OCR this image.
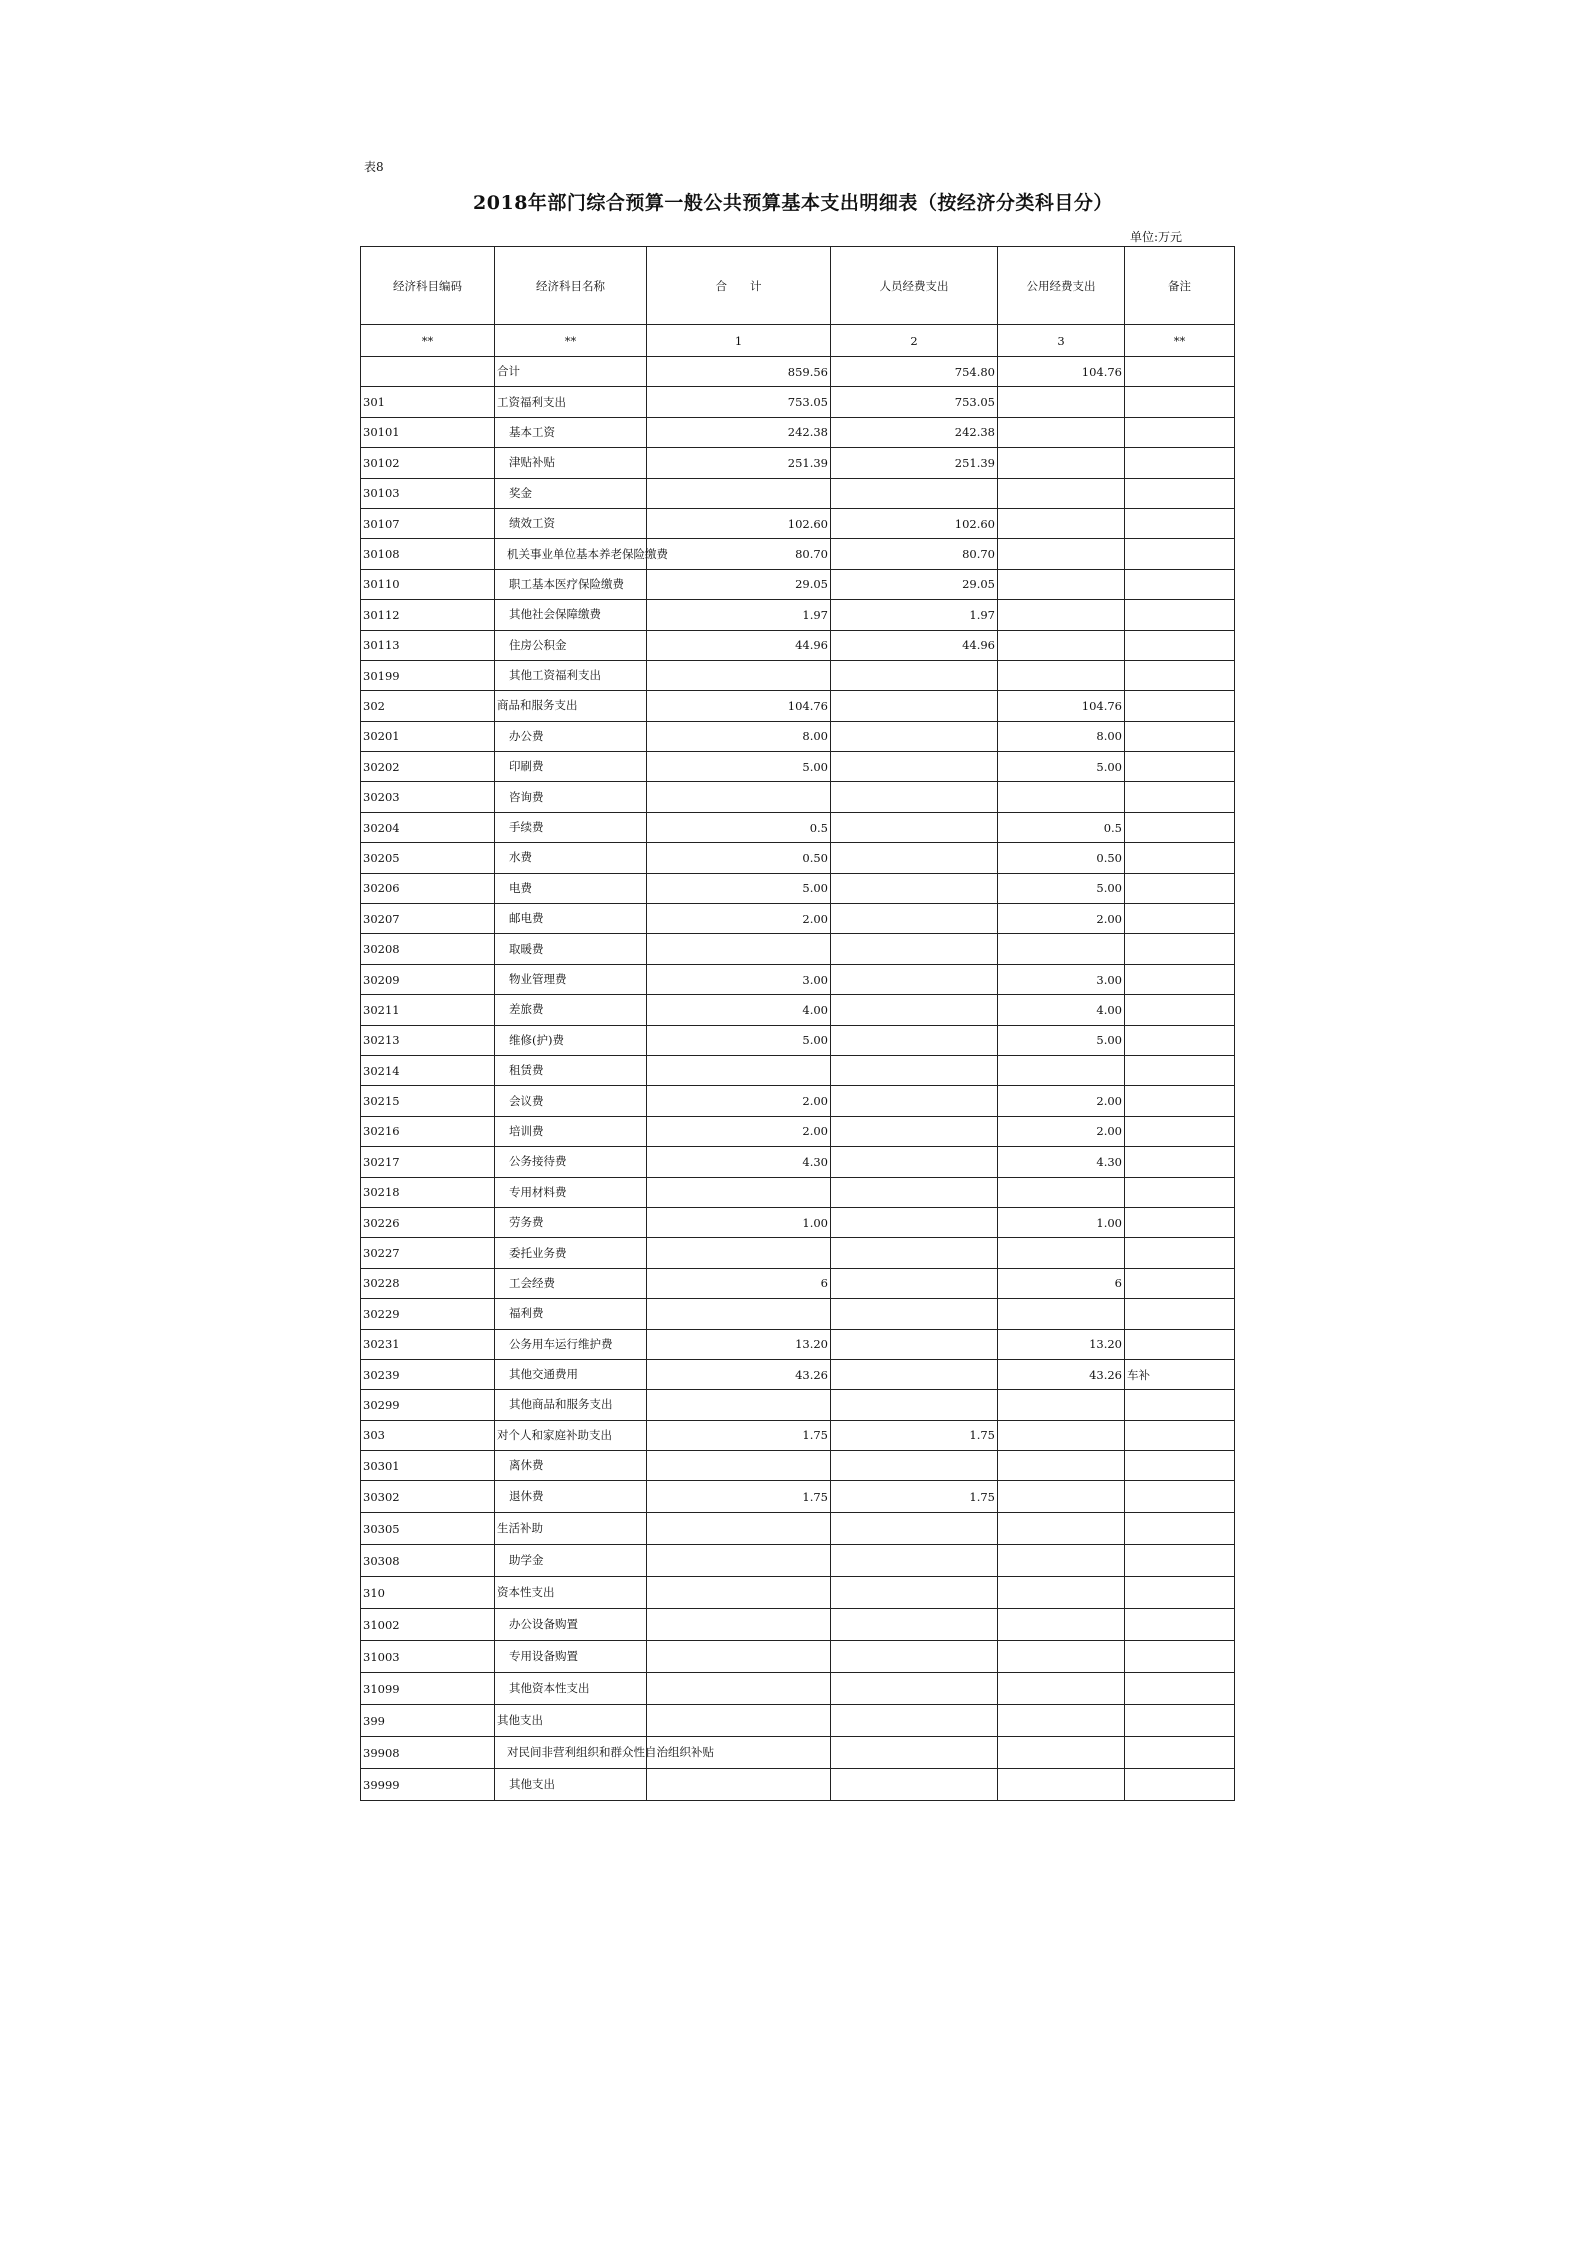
表8
2018年部门综合预算一般公共预算基本支出明细表（按经济分类科目分）
单位:万元
经济科目编码	经济科目名称	合　　计	人员经费支出	公用经费支出	备注
**	**	1	2	3	**
	合计	859.56	754.80	104.76	
301	工资福利支出	753.05	753.05		
30101	基本工资	242.38	242.38		
30102	津贴补贴	251.39	251.39		
30103	奖金				
30107	绩效工资	102.60	102.60		
30108	机关事业单位基本养老保险缴费	80.70	80.70		
30110	职工基本医疗保险缴费	29.05	29.05		
30112	其他社会保障缴费	1.97	1.97		
30113	住房公积金	44.96	44.96		
30199	其他工资福利支出				
302	商品和服务支出	104.76		104.76	
30201	办公费	8.00		8.00	
30202	印刷费	5.00		5.00	
30203	咨询费				
30204	手续费	0.5		0.5	
30205	水费	0.50		0.50	
30206	电费	5.00		5.00	
30207	邮电费	2.00		2.00	
30208	取暖费				
30209	物业管理费	3.00		3.00	
30211	差旅费	4.00		4.00	
30213	维修(护)费	5.00		5.00	
30214	租赁费				
30215	会议费	2.00		2.00	
30216	培训费	2.00		2.00	
30217	公务接待费	4.30		4.30	
30218	专用材料费				
30226	劳务费	1.00		1.00	
30227	委托业务费				
30228	工会经费	6		6	
30229	福利费				
30231	公务用车运行维护费	13.20		13.20	
30239	其他交通费用	43.26		43.26	车补
30299	其他商品和服务支出				
303	对个人和家庭补助支出	1.75	1.75		
30301	离休费				
30302	退休费	1.75	1.75		
30305	生活补助				
30308	助学金				
310	资本性支出				
31002	办公设备购置				
31003	专用设备购置				
31099	其他资本性支出				
399	其他支出				
39908	对民间非营利组织和群众性自治组织补贴				
39999	其他支出				
